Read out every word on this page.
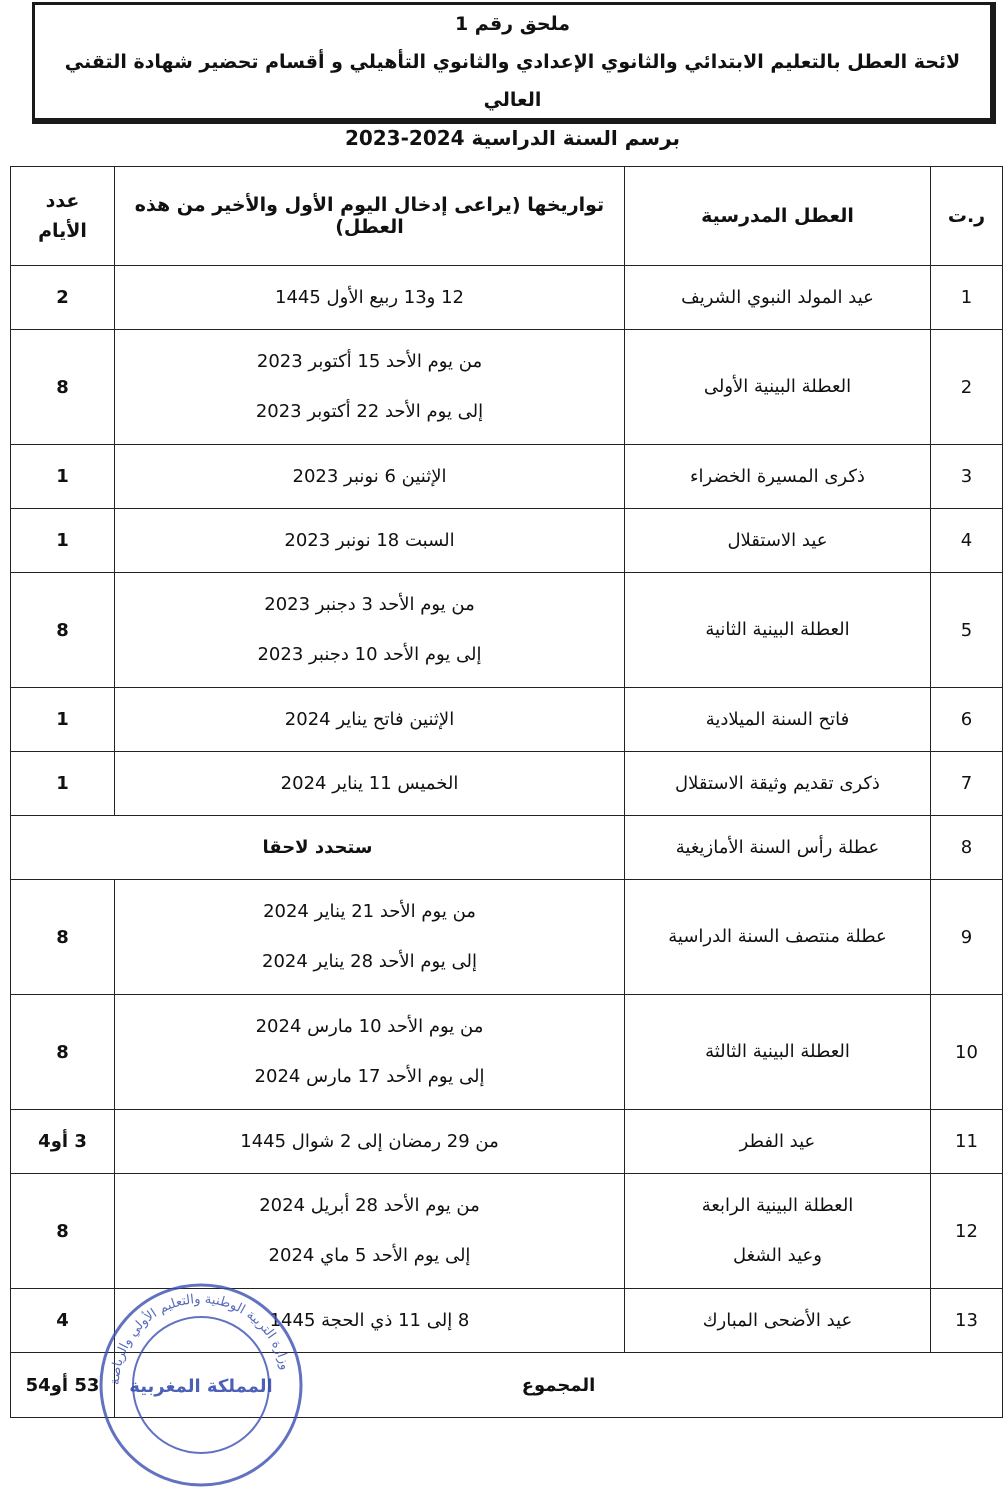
ملحق رقم 1
لائحة العطل بالتعليم الابتدائي والثانوي الإعدادي والثانوي التأهيلي و أقسام تحضير شهادة التقني العالي
برسم السنة الدراسية 2024-2023
ر.ت	العطل المدرسية	تواريخها (يراعى إدخال اليوم الأول والأخير من هذه العطل)	عدد
الأيام

1	عيد المولد النبوي الشريف	12 و13 ربيع الأول 1445	2
2	العطلة البينية الأولى	من يوم الأحد 15 أكتوبر 2023
إلى يوم الأحد 22 أكتوبر 2023	8
3	ذكرى المسيرة الخضراء	الإثنين 6 نونبر 2023	1
4	عيد الاستقلال	السبت 18 نونبر 2023	1
5	العطلة البينية الثانية	من يوم الأحد 3 دجنبر 2023
إلى يوم الأحد 10 دجنبر 2023	8
6	فاتح السنة الميلادية	الإثنين فاتح يناير 2024	1
7	ذكرى تقديم وثيقة الاستقلال	الخميس 11 يناير 2024	1
8	عطلة رأس السنة الأمازيغية	ستحدد لاحقا	
9	عطلة منتصف السنة الدراسية	من يوم الأحد 21 يناير 2024
إلى يوم الأحد 28 يناير 2024	8
10	العطلة البينية الثالثة	من يوم الأحد 10 مارس 2024
إلى يوم الأحد 17 مارس 2024	8
11	عيد الفطر	من 29 رمضان إلى 2 شوال 1445	3 أو4
12	العطلة البينية الرابعة
وعيد الشغل	من يوم الأحد 28 أبريل 2024
إلى يوم الأحد 5 ماي 2024	8
13	عيد الأضحى المبارك	8 إلى 11 ذي الحجة 1445	4
المجموع			53 أو54 وزارة التربية الوطنية والتعليم الأولي والرياضة
المملكة المغربية
